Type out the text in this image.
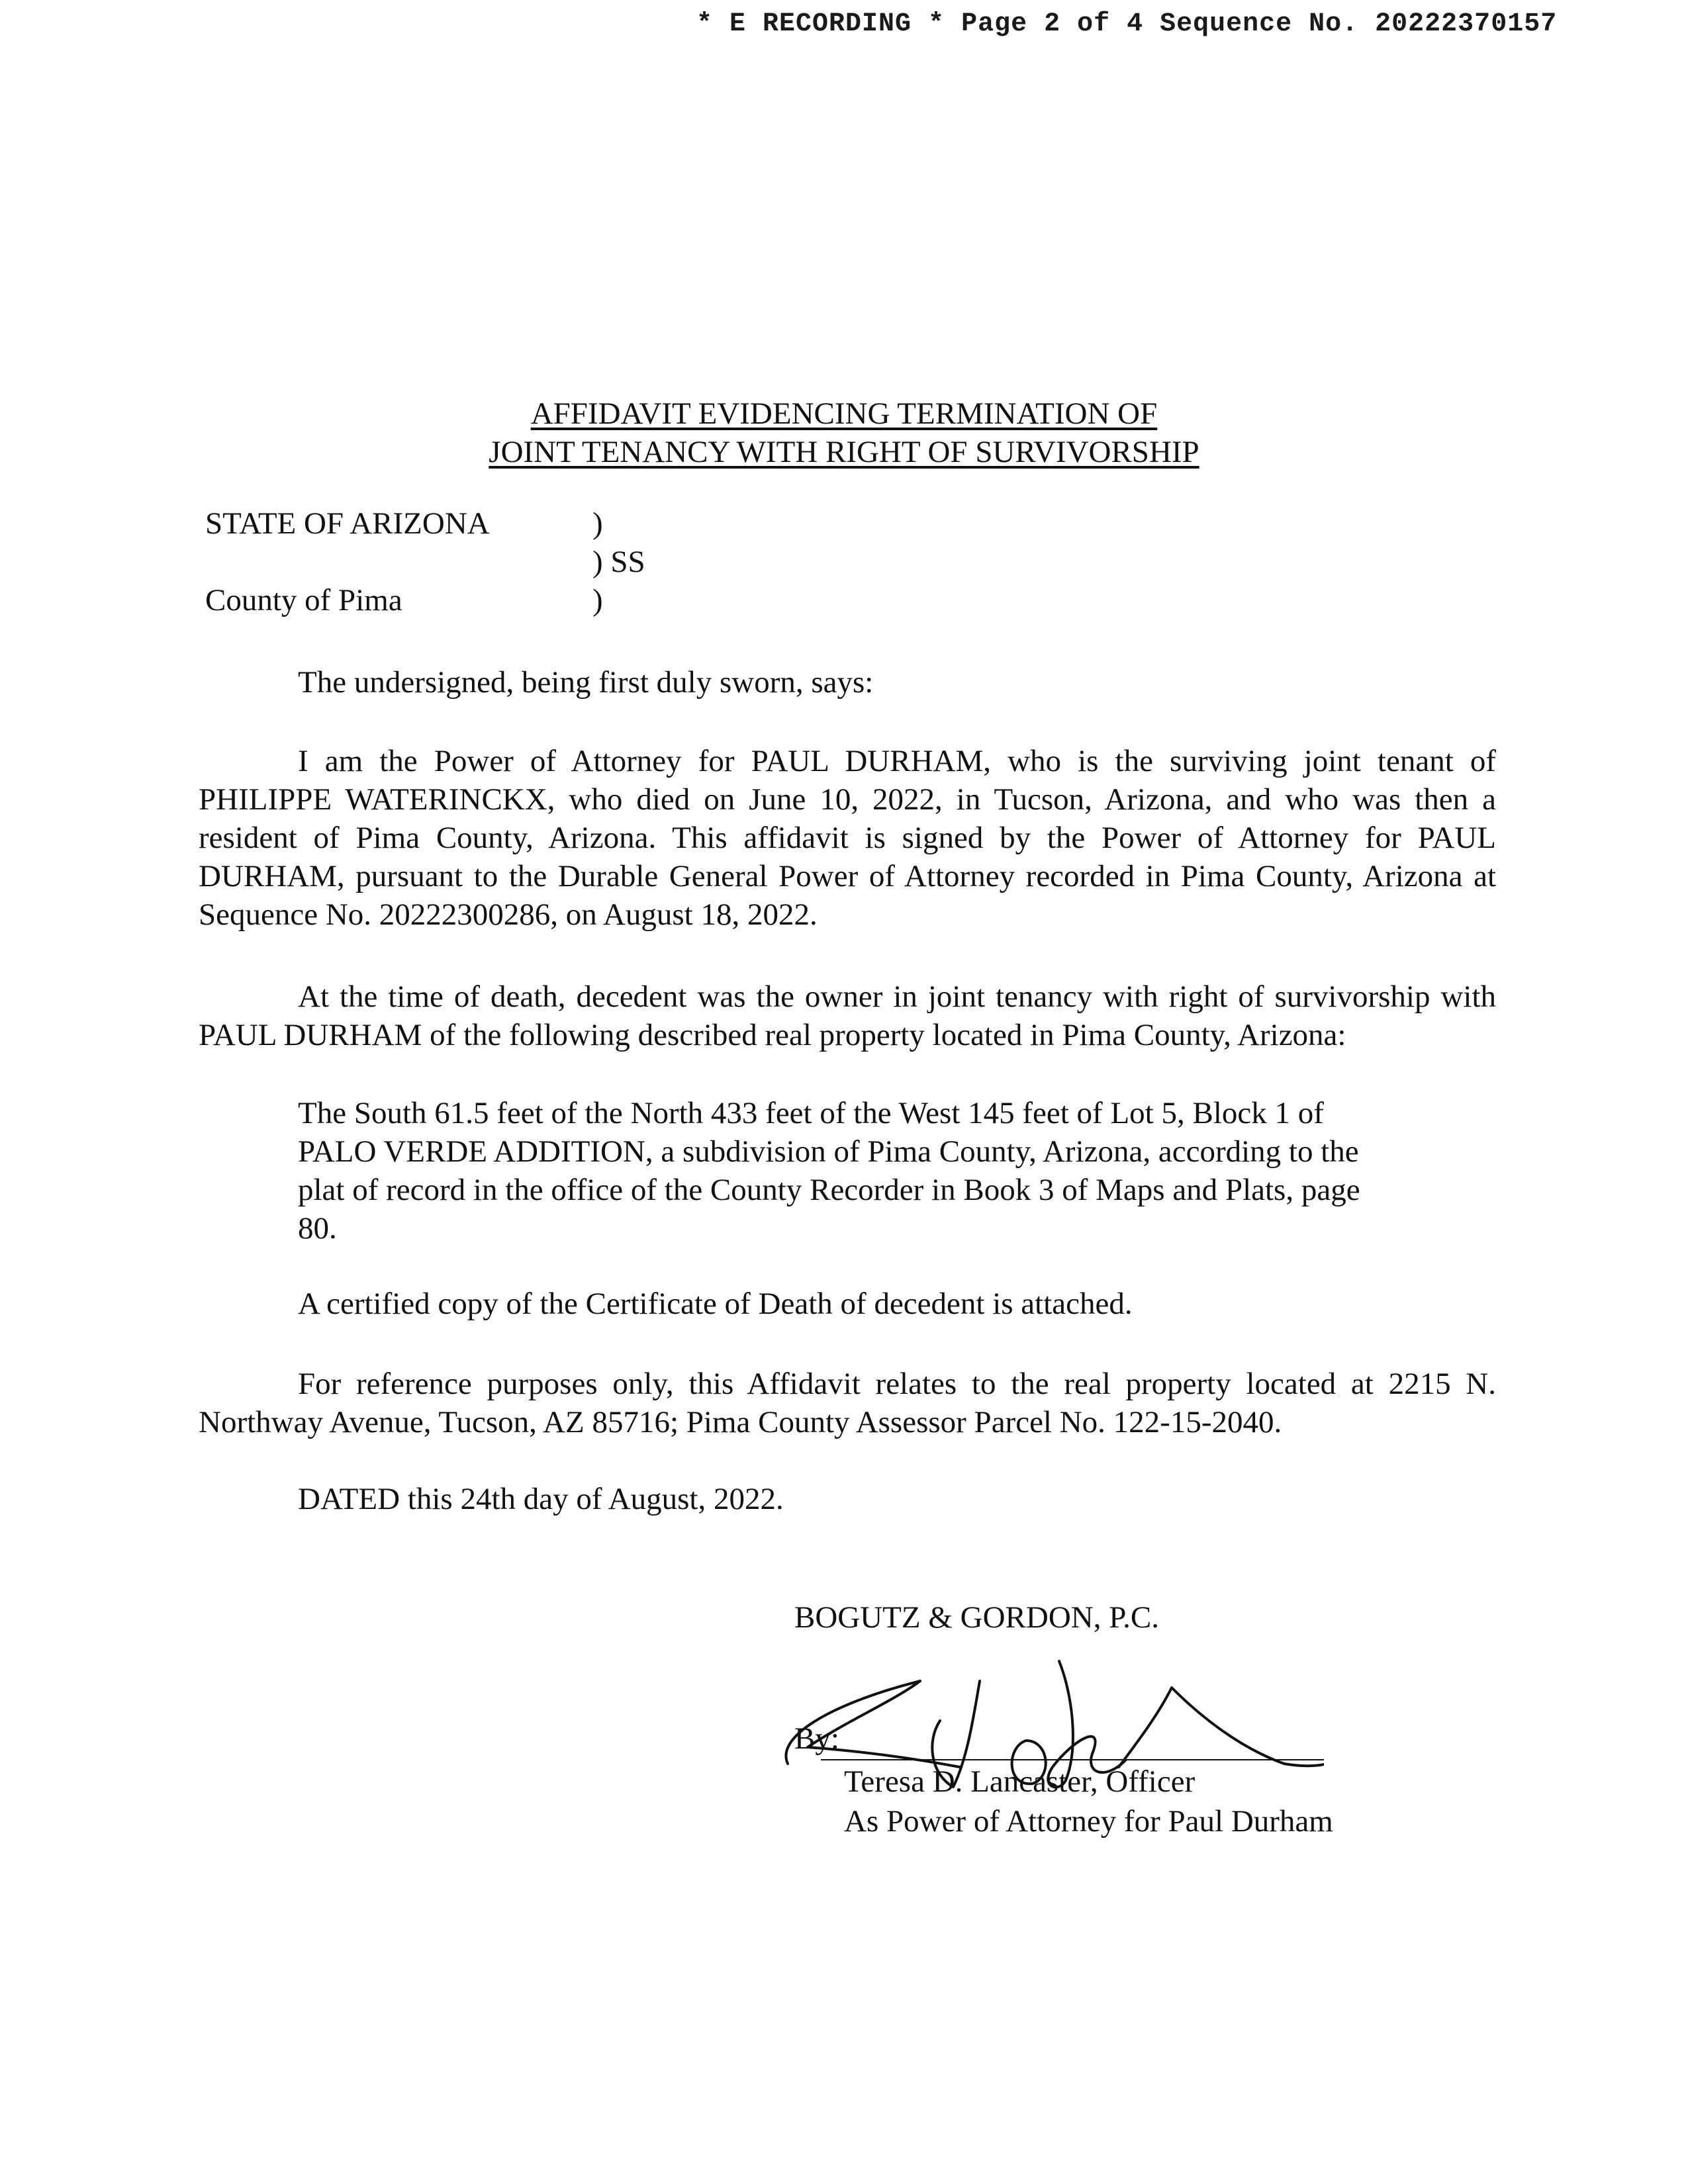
* E RECORDING * Page 2 of 4 Sequence No. 20222370157
AFFIDAVIT EVIDENCING TERMINATION OF
JOINT TENANCY WITH RIGHT OF SURVIVORSHIP
STATE OF ARIZONA	)
) SS
County of Pima	)
The undersigned, being first duly sworn, says:
I am the Power of Attorney for PAUL DURHAM, who is the surviving joint tenant of PHILIPPE WATERINCKX, who died on June 10, 2022, in Tucson, Arizona, and who was then a resident of Pima County, Arizona. This affidavit is signed by the Power of Attorney for PAUL DURHAM, pursuant to the Durable General Power of Attorney recorded in Pima County, Arizona at Sequence No. 20222300286, on August 18, 2022.
At the time of death, decedent was the owner in joint tenancy with right of survivorship with PAUL DURHAM of the following described real property located in Pima County, Arizona:
The South 61.5 feet of the North 433 feet of the West 145 feet of Lot 5, Block 1 of PALO VERDE ADDITION, a subdivision of Pima County, Arizona, according to the plat of record in the office of the County Recorder in Book 3 of Maps and Plats, page 80.
A certified copy of the Certificate of Death of decedent is attached.
For reference purposes only, this Affidavit relates to the real property located at 2215 N. Northway Avenue, Tucson, AZ 85716; Pima County Assessor Parcel No. 122-15-2040.
DATED this 24th day of August, 2022.
BOGUTZ & GORDON, P.C.
By:
Teresa D. Lancaster, Officer
As Power of Attorney for Paul Durham
